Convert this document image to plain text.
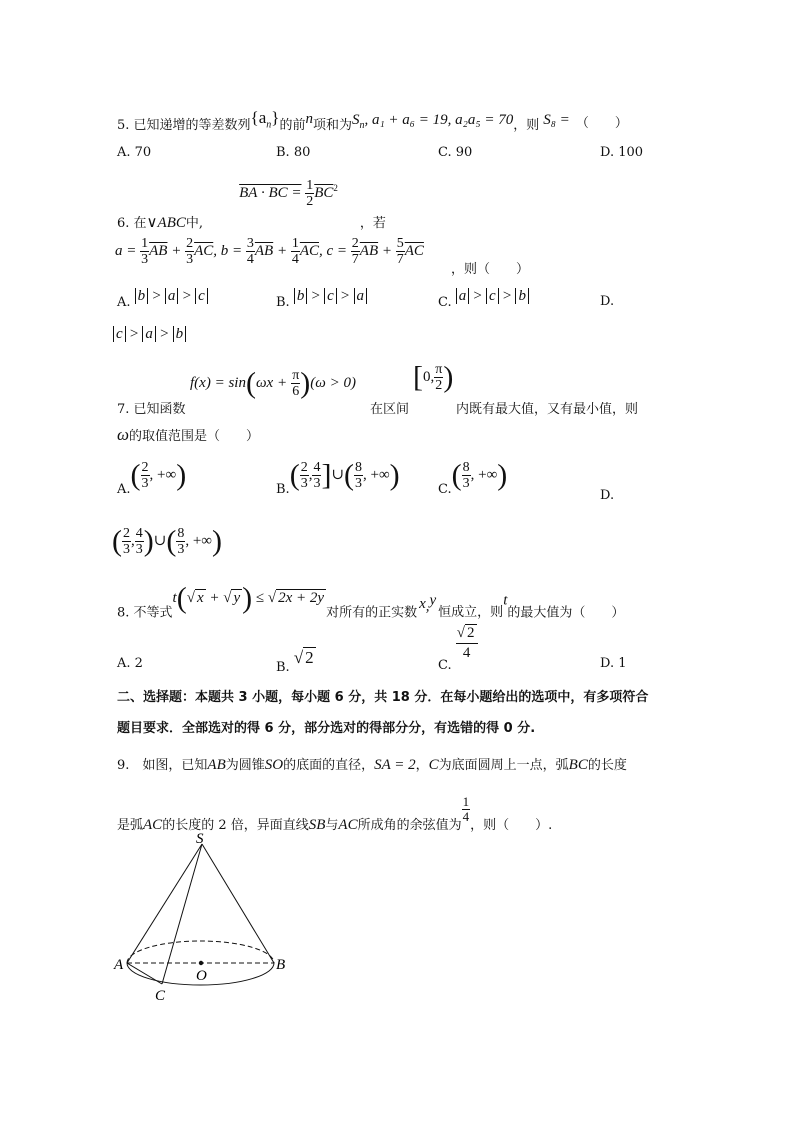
5. 已知递增的等差数列$\{a_n\}$的前n项和为$S_n$, a₁ + a₆ = 19, a₂a₅ = 70，则 S₈ = （　　）
A. 70	B. 80	C. 90	D. 100
6. 在∨ABC中, BA · BC = $\frac{1}{2} \overline{BC}^2$，若
$a = \frac{1}{3} \overline{AB} + \frac{2}{3} \overline{AC}$, $b = \frac{3}{4} \overline{AB} + \frac{1}{4} \overline{AC}$, $c = \frac{2}{7} \overline{AB} + \frac{5}{7} \overline{AC}$
，则（　　）
A. b > a > c	B. b > c > a	C. a > c > b	D.
c > a > b
$f(x) = \sin(\omega x + \frac{\pi}{6} )(\omega > 0)$ [0, $\frac{\pi}{2}$ )
7. 已知函数	在区间	内既有最大值，又有最小值，则
ω的取值范围是（　　）
$A.( \frac{2}{3}$ , +∞)	$B.( \frac{2}{3}$ , $\frac{4}{3}$ ]∪( $\frac{8}{3}$ , +∞)	$C.( \frac{8}{3}$ , +∞)
D.
( $\frac{2}{3}$ , $\frac{4}{3}$ )∪( $\frac{8}{3}$ , +∞)
8. 不等式t(√ x + √ y) ≤ √ 2x + 2y对所有的正实数x,y恒成立，则t的最大值为（　　）
A. 2	B. √ 2	C.
$\frac{√ 2}{4}$
D. 1
二、选择题：本题共 3 小题，每小题 6 分，共 18 分．在每小题给出的选项中，有多项符合
题目要求．全部选对的得 6 分，部分选对的得部分分，有选错的得 0 分.
9.　如图，已知AB为圆锥SO的底面的直径，SA = 2，C为底面圆周上一点，弧BC的长度
是弧AC的长度的 2 倍，异面直线SB与AC所成角的余弦值为
$\frac{1}{4}$
，则（　　）.
S
A	B
O
C
